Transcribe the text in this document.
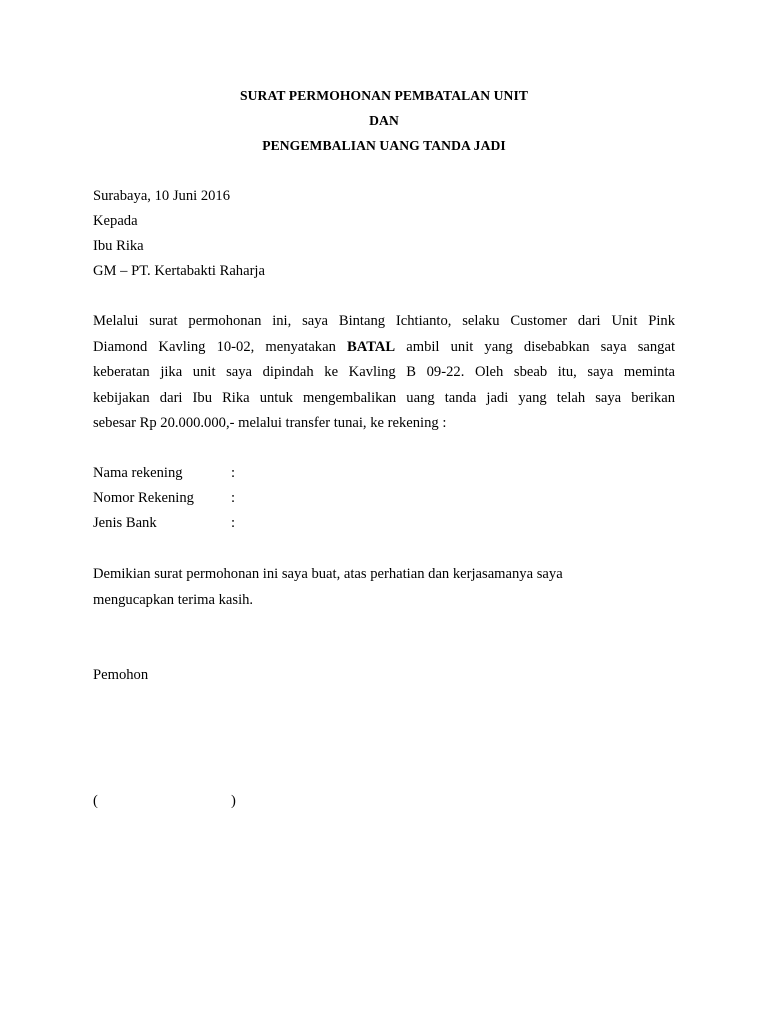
SURAT PERMOHONAN PEMBATALAN UNIT
DAN
PENGEMBALIAN UANG TANDA JADI
Surabaya, 10 Juni 2016
Kepada
Ibu Rika
GM – PT. Kertabakti Raharja
Melalui surat permohonan ini, saya Bintang Ichtianto, selaku Customer dari Unit Pink
Diamond Kavling 10-02, menyatakan BATAL ambil unit yang disebabkan saya sangat
keberatan jika unit saya dipindah ke Kavling B 09-22. Oleh sbeab itu, saya meminta
kebijakan dari Ibu Rika untuk mengembalikan uang tanda jadi yang telah saya berikan
sebesar Rp 20.000.000,- melalui transfer tunai, ke rekening :
Nama rekening	:
Nomor Rekening	:
Jenis Bank	:
Demikian surat permohonan ini saya buat, atas perhatian dan kerjasamanya saya
mengucapkan terima kasih.
Pemohon
(	)
